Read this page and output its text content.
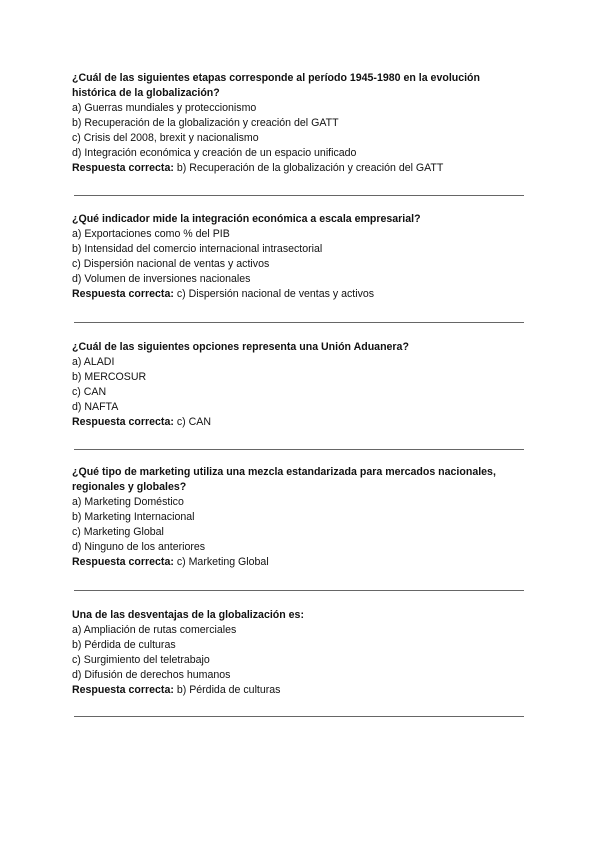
¿Cuál de las siguientes etapas corresponde al período 1945-1980 en la evolución histórica de la globalización?

a) Guerras mundiales y proteccionismo

b) Recuperación de la globalización y creación del GATT

c) Crisis del 2008, brexit y nacionalismo

d) Integración económica y creación de un espacio unificado

Respuesta correcta: b) Recuperación de la globalización y creación del GATT

¿Qué indicador mide la integración económica a escala empresarial?

a) Exportaciones como % del PIB

b) Intensidad del comercio internacional intrasectorial

c) Dispersión nacional de ventas y activos

d) Volumen de inversiones nacionales

Respuesta correcta: c) Dispersión nacional de ventas y activos

¿Cuál de las siguientes opciones representa una Unión Aduanera?

a) ALADI

b) MERCOSUR

c) CAN

d) NAFTA

Respuesta correcta: c) CAN

¿Qué tipo de marketing utiliza una mezcla estandarizada para mercados nacionales, regionales y globales?

a) Marketing Doméstico

b) Marketing Internacional

c) Marketing Global

d) Ninguno de los anteriores

Respuesta correcta: c) Marketing Global

Una de las desventajas de la globalización es:

a) Ampliación de rutas comerciales

b) Pérdida de culturas

c) Surgimiento del teletrabajo

d) Difusión de derechos humanos

Respuesta correcta: b) Pérdida de culturas
